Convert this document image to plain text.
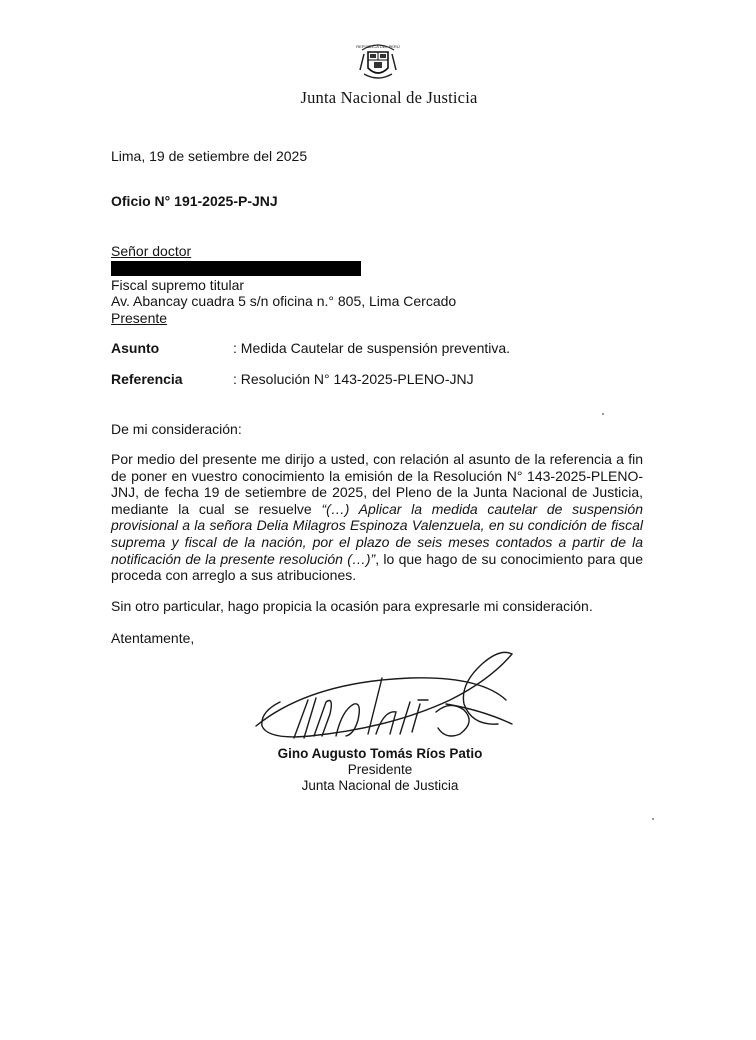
REPÚBLICA DEL PERÚ
Junta Nacional de Justicia
Lima, 19 de setiembre del 2025
Oficio N° 191-2025-P-JNJ
Señor doctor
Fiscal supremo titular
Av. Abancay cuadra 5 s/n oficina n.° 805, Lima Cercado
Presente
Asunto	: Medida Cautelar de suspensión preventiva.
Referencia	: Resolución N° 143-2025-PLENO-JNJ
De mi consideración:
Por medio del presente me dirijo a usted, con relación al asunto de la referencia a fin de poner en vuestro conocimiento la emisión de la Resolución N° 143-2025-PLENO-JNJ, de fecha 19 de setiembre de 2025, del Pleno de la Junta Nacional de Justicia, mediante la cual se resuelve “(…) Aplicar la medida cautelar de suspensión provisional a la señora Delia Milagros Espinoza Valenzuela, en su condición de fiscal suprema y fiscal de la nación, por el plazo de seis meses contados a partir de la notificación de la presente resolución (…)”, lo que hago de su conocimiento para que proceda con arreglo a sus atribuciones.
Sin otro particular, hago propicia la ocasión para expresarle mi consideración.
Atentamente,
Gino Augusto Tomás Ríos Patio
Presidente
Junta Nacional de Justicia
